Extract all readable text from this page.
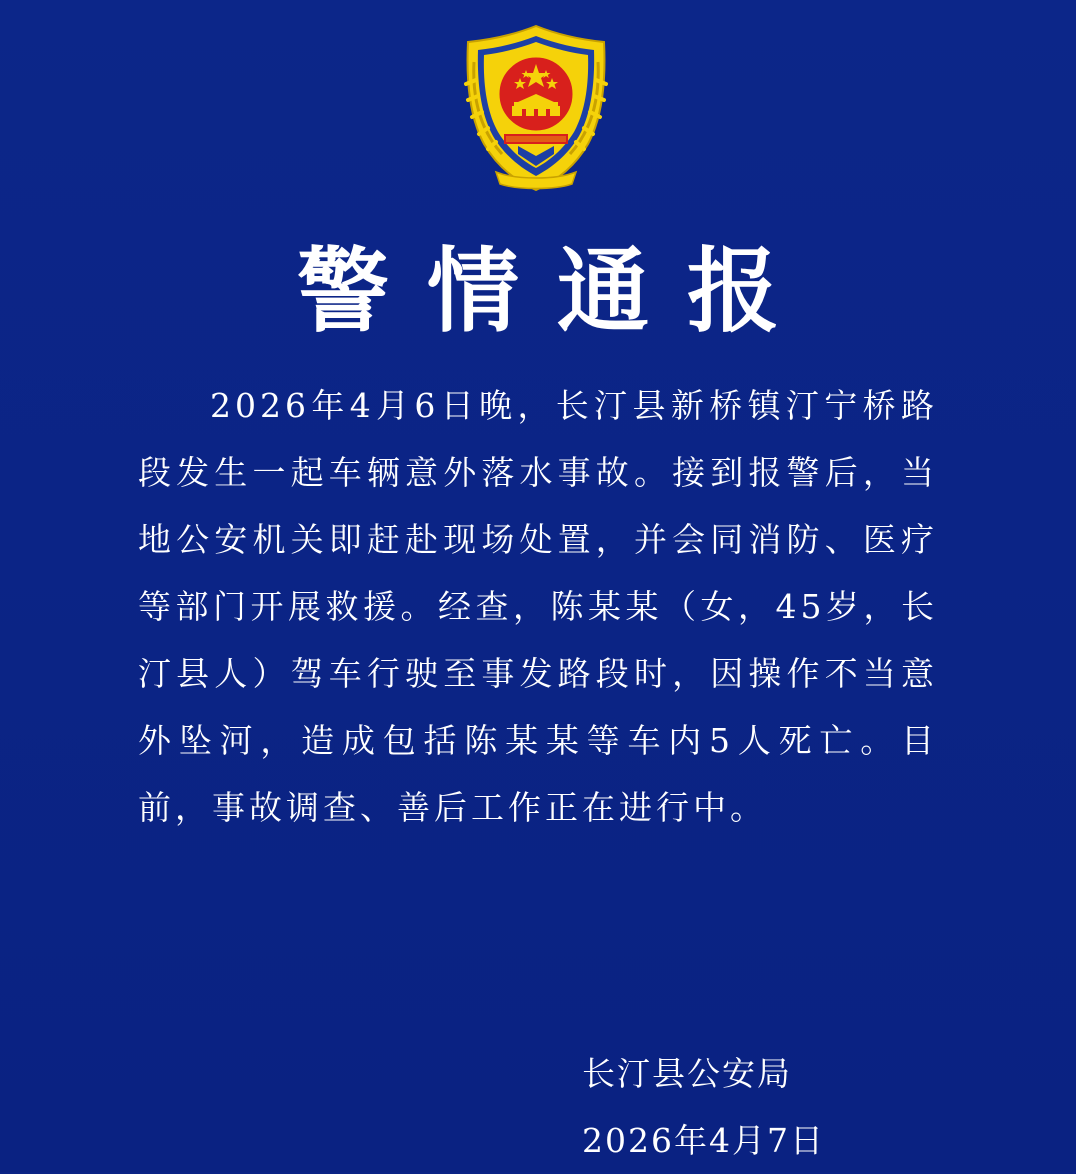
警情通报

2026年4月6日晚，长汀县新桥镇汀宁桥路段发生一起车辆意外落水事故。接到报警后，当地公安机关即赶赴现场处置，并会同消防、医疗等部门开展救援。经查，陈某某（女，45岁，长汀县人）驾车行驶至事发路段时，因操作不当意外坠河，造成包括陈某某等车内5人死亡。目前，事故调查、善后工作正在进行中。

长汀县公安局
2026年4月7日
